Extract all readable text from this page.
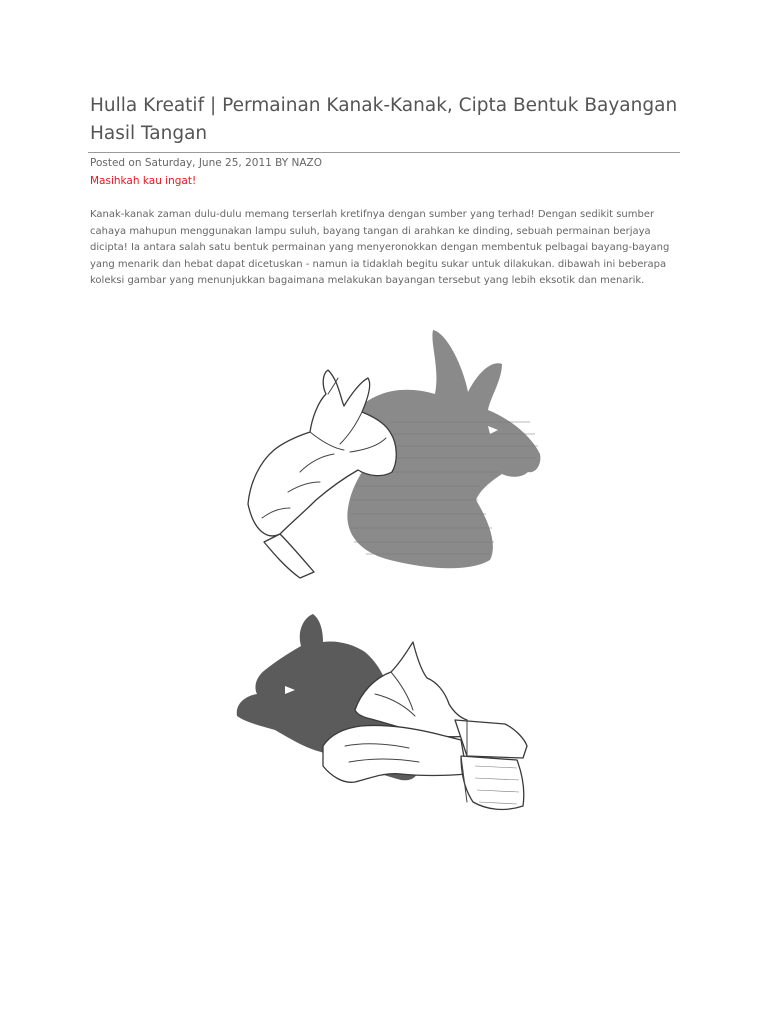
Hulla Kreatif | Permainan Kanak-Kanak, Cipta Bentuk Bayangan Hasil Tangan
Posted on Saturday, June 25, 2011 BY NAZO
Masihkah kau ingat!

Kanak-kanak zaman dulu-dulu memang terserlah kretifnya dengan sumber yang terhad! Dengan sedikit sumber cahaya mahupun menggunakan lampu suluh, bayang tangan di arahkan ke dinding, sebuah permainan berjaya dicipta! Ia antara salah satu bentuk permainan yang menyeronokkan dengan membentuk pelbagai bayang-bayang yang menarik dan hebat dapat dicetuskan - namun ia tidaklah begitu sukar untuk dilakukan. dibawah ini beberapa koleksi gambar yang menunjukkan bagaimana melakukan bayangan tersebut yang lebih eksotik dan menarik.
